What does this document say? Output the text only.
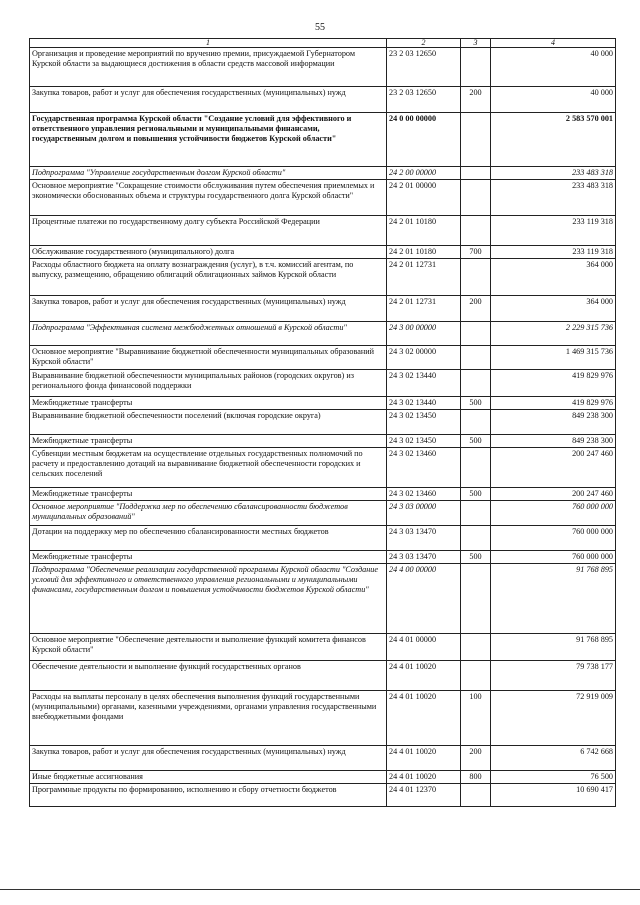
55
1	2	3	4
Организация и проведение мероприятий по вручению премии, присуждаемой Губернатором Курской области за выдающиеся достижения в области средств массовой информации	23 2 03 12650		40 000
Закупка товаров, работ и услуг для обеспечения государственных (муниципальных) нужд	23 2 03 12650	200	40 000
Государственная программа Курской области "Создание условий для эффективного и ответственного управления региональными и муниципальными финансами, государственным долгом и повышения устойчивости бюджетов Курской области"	24 0 00 00000		2 583 570 001
Подпрограмма "Управление государственным долгом Курской области"	24 2 00 00000		233 483 318
Основное мероприятие "Сокращение стоимости обслуживания путем обеспечения приемлемых и экономически обоснованных объема и структуры государственного долга Курской области"	24 2 01 00000		233 483 318
Процентные платежи по государственному долгу субъекта Российской Федерации	24 2 01 10180		233 119 318
Обслуживание государственного (муниципального) долга	24 2 01 10180	700	233 119 318
Расходы областного бюджета на оплату вознаграждения (услуг), в т.ч. комиссий агентам, по выпуску, размещению, обращению облигаций облигационных займов Курской области	24 2 01 12731		364 000
Закупка товаров, работ и услуг для обеспечения государственных (муниципальных) нужд	24 2 01 12731	200	364 000
Подпрограмма "Эффективная система межбюджетных отношений в Курской области"	24 3 00 00000		2 229 315 736
Основное мероприятие "Выравнивание бюджетной обеспеченности муниципальных образований Курской области"	24 3 02 00000		1 469 315 736
Выравнивание бюджетной обеспеченности муниципальных районов (городских округов) из регионального фонда финансовой поддержки	24 3 02 13440		419 829 976
Межбюджетные трансферты	24 3 02 13440	500	419 829 976
Выравнивание бюджетной обеспеченности поселений (включая городские округа)	24 3 02 13450		849 238 300
Межбюджетные трансферты	24 3 02 13450	500	849 238 300
Субвенции местным бюджетам на осуществление отдельных государственных полномочий по расчету и предоставлению дотаций на выравнивание бюджетной обеспеченности городских и сельских поселений	24 3 02 13460		200 247 460
Межбюджетные трансферты	24 3 02 13460	500	200 247 460
Основное мероприятие "Поддержка мер по обеспечению сбалансированности бюджетов муниципальных образований"	24 3 03 00000		760 000 000
Дотации на поддержку мер по обеспечению сбалансированности местных бюджетов	24 3 03 13470		760 000 000
Межбюджетные трансферты	24 3 03 13470	500	760 000 000
Подпрограмма "Обеспечение реализации государственной программы Курской области "Создание условий для эффективного и ответственного управления региональными и муниципальными финансами, государственным долгом и повышения устойчивости бюджетов Курской области"	24 4 00 00000		91 768 895
Основное мероприятие "Обеспечение деятельности и выполнение функций комитета финансов Курской области"	24 4 01 00000		91 768 895
Обеспечение деятельности и выполнение функций государственных органов	24 4 01 10020		79 738 177
Расходы на выплаты персоналу в целях обеспечения выполнения функций государственными (муниципальными) органами, казенными учреждениями, органами управления государственными внебюджетными фондами	24 4 01 10020	100	72 919 009
Закупка товаров, работ и услуг для обеспечения государственных (муниципальных) нужд	24 4 01 10020	200	6 742 668
Иные бюджетные ассигнования	24 4 01 10020	800	76 500
Программные продукты по формированию, исполнению и сбору отчетности бюджетов	24 4 01 12370		10 690 417
